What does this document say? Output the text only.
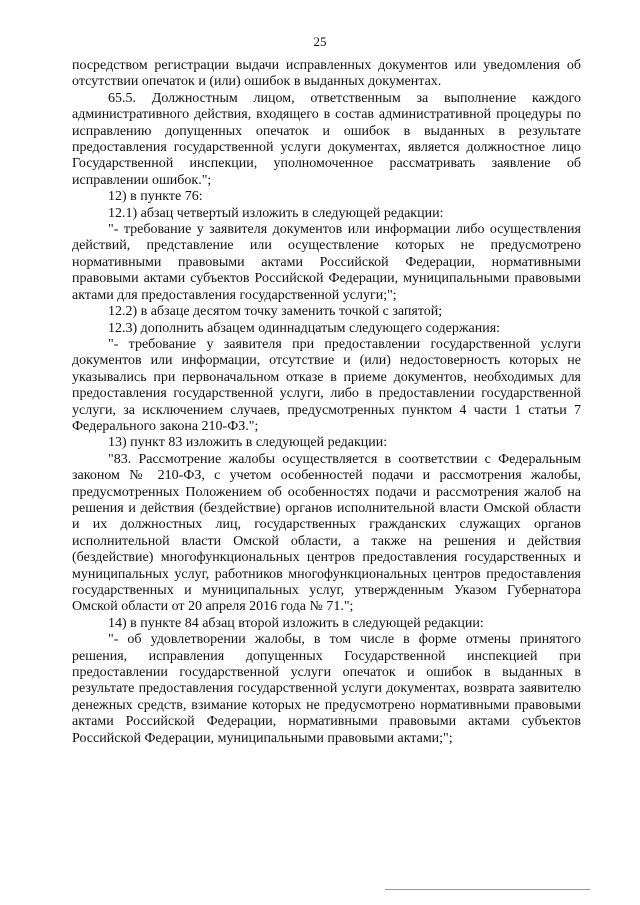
25

посредством регистрации выдачи исправленных документов или уведомления об отсутствии опечаток и (или) ошибок в выданных документах.

65.5. Должностным лицом, ответственным за выполнение каждого административного действия, входящего в состав административной процедуры по исправлению допущенных опечаток и ошибок в выданных в результате предоставления государственной услуги документах, является должностное лицо Государственной инспекции, уполномоченное рассматривать заявление об исправлении ошибок.";

12) в пункте 76:

12.1) абзац четвертый изложить в следующей редакции:

"- требование у заявителя документов или информации либо осуществления действий, представление или осуществление которых не предусмотрено нормативными правовыми актами Российской Федерации, нормативными правовыми актами субъектов Российской Федерации, муниципальными правовыми актами для предоставления государственной услуги;";

12.2) в абзаце десятом точку заменить точкой с запятой;

12.3) дополнить абзацем одиннадцатым следующего содержания:

"- требование у заявителя при предоставлении государственной услуги документов или информации, отсутствие и (или) недостоверность которых не указывались при первоначальном отказе в приеме документов, необходимых для предоставления государственной услуги, либо в предоставлении государственной услуги, за исключением случаев, предусмотренных пунктом 4 части 1 статьи 7 Федерального закона 210-ФЗ.";

13) пункт 83 изложить в следующей редакции:

"83. Рассмотрение жалобы осуществляется в соответствии с Федеральным законом № 210-ФЗ, с учетом особенностей подачи и рассмотрения жалобы, предусмотренных Положением об особенностях подачи и рассмотрения жалоб на решения и действия (бездействие) органов исполнительной власти Омской области и их должностных лиц, государственных гражданских служащих органов исполнительной власти Омской области, а также на решения и действия (бездействие) многофункциональных центров предоставления государственных и муниципальных услуг, работников многофункциональных центров предоставления государственных и муниципальных услуг, утвержденным Указом Губернатора Омской области от 20 апреля 2016 года № 71.";

14) в пункте 84 абзац второй изложить в следующей редакции:

"- об удовлетворении жалобы, в том числе в форме отмены принятого решения, исправления допущенных Государственной инспекцией при предоставлении государственной услуги опечаток и ошибок в выданных в результате предоставления государственной услуги документах, возврата заявителю денежных средств, взимание которых не предусмотрено нормативными правовыми актами Российской Федерации, нормативными правовыми актами субъектов Российской Федерации, муниципальными правовыми актами;";
